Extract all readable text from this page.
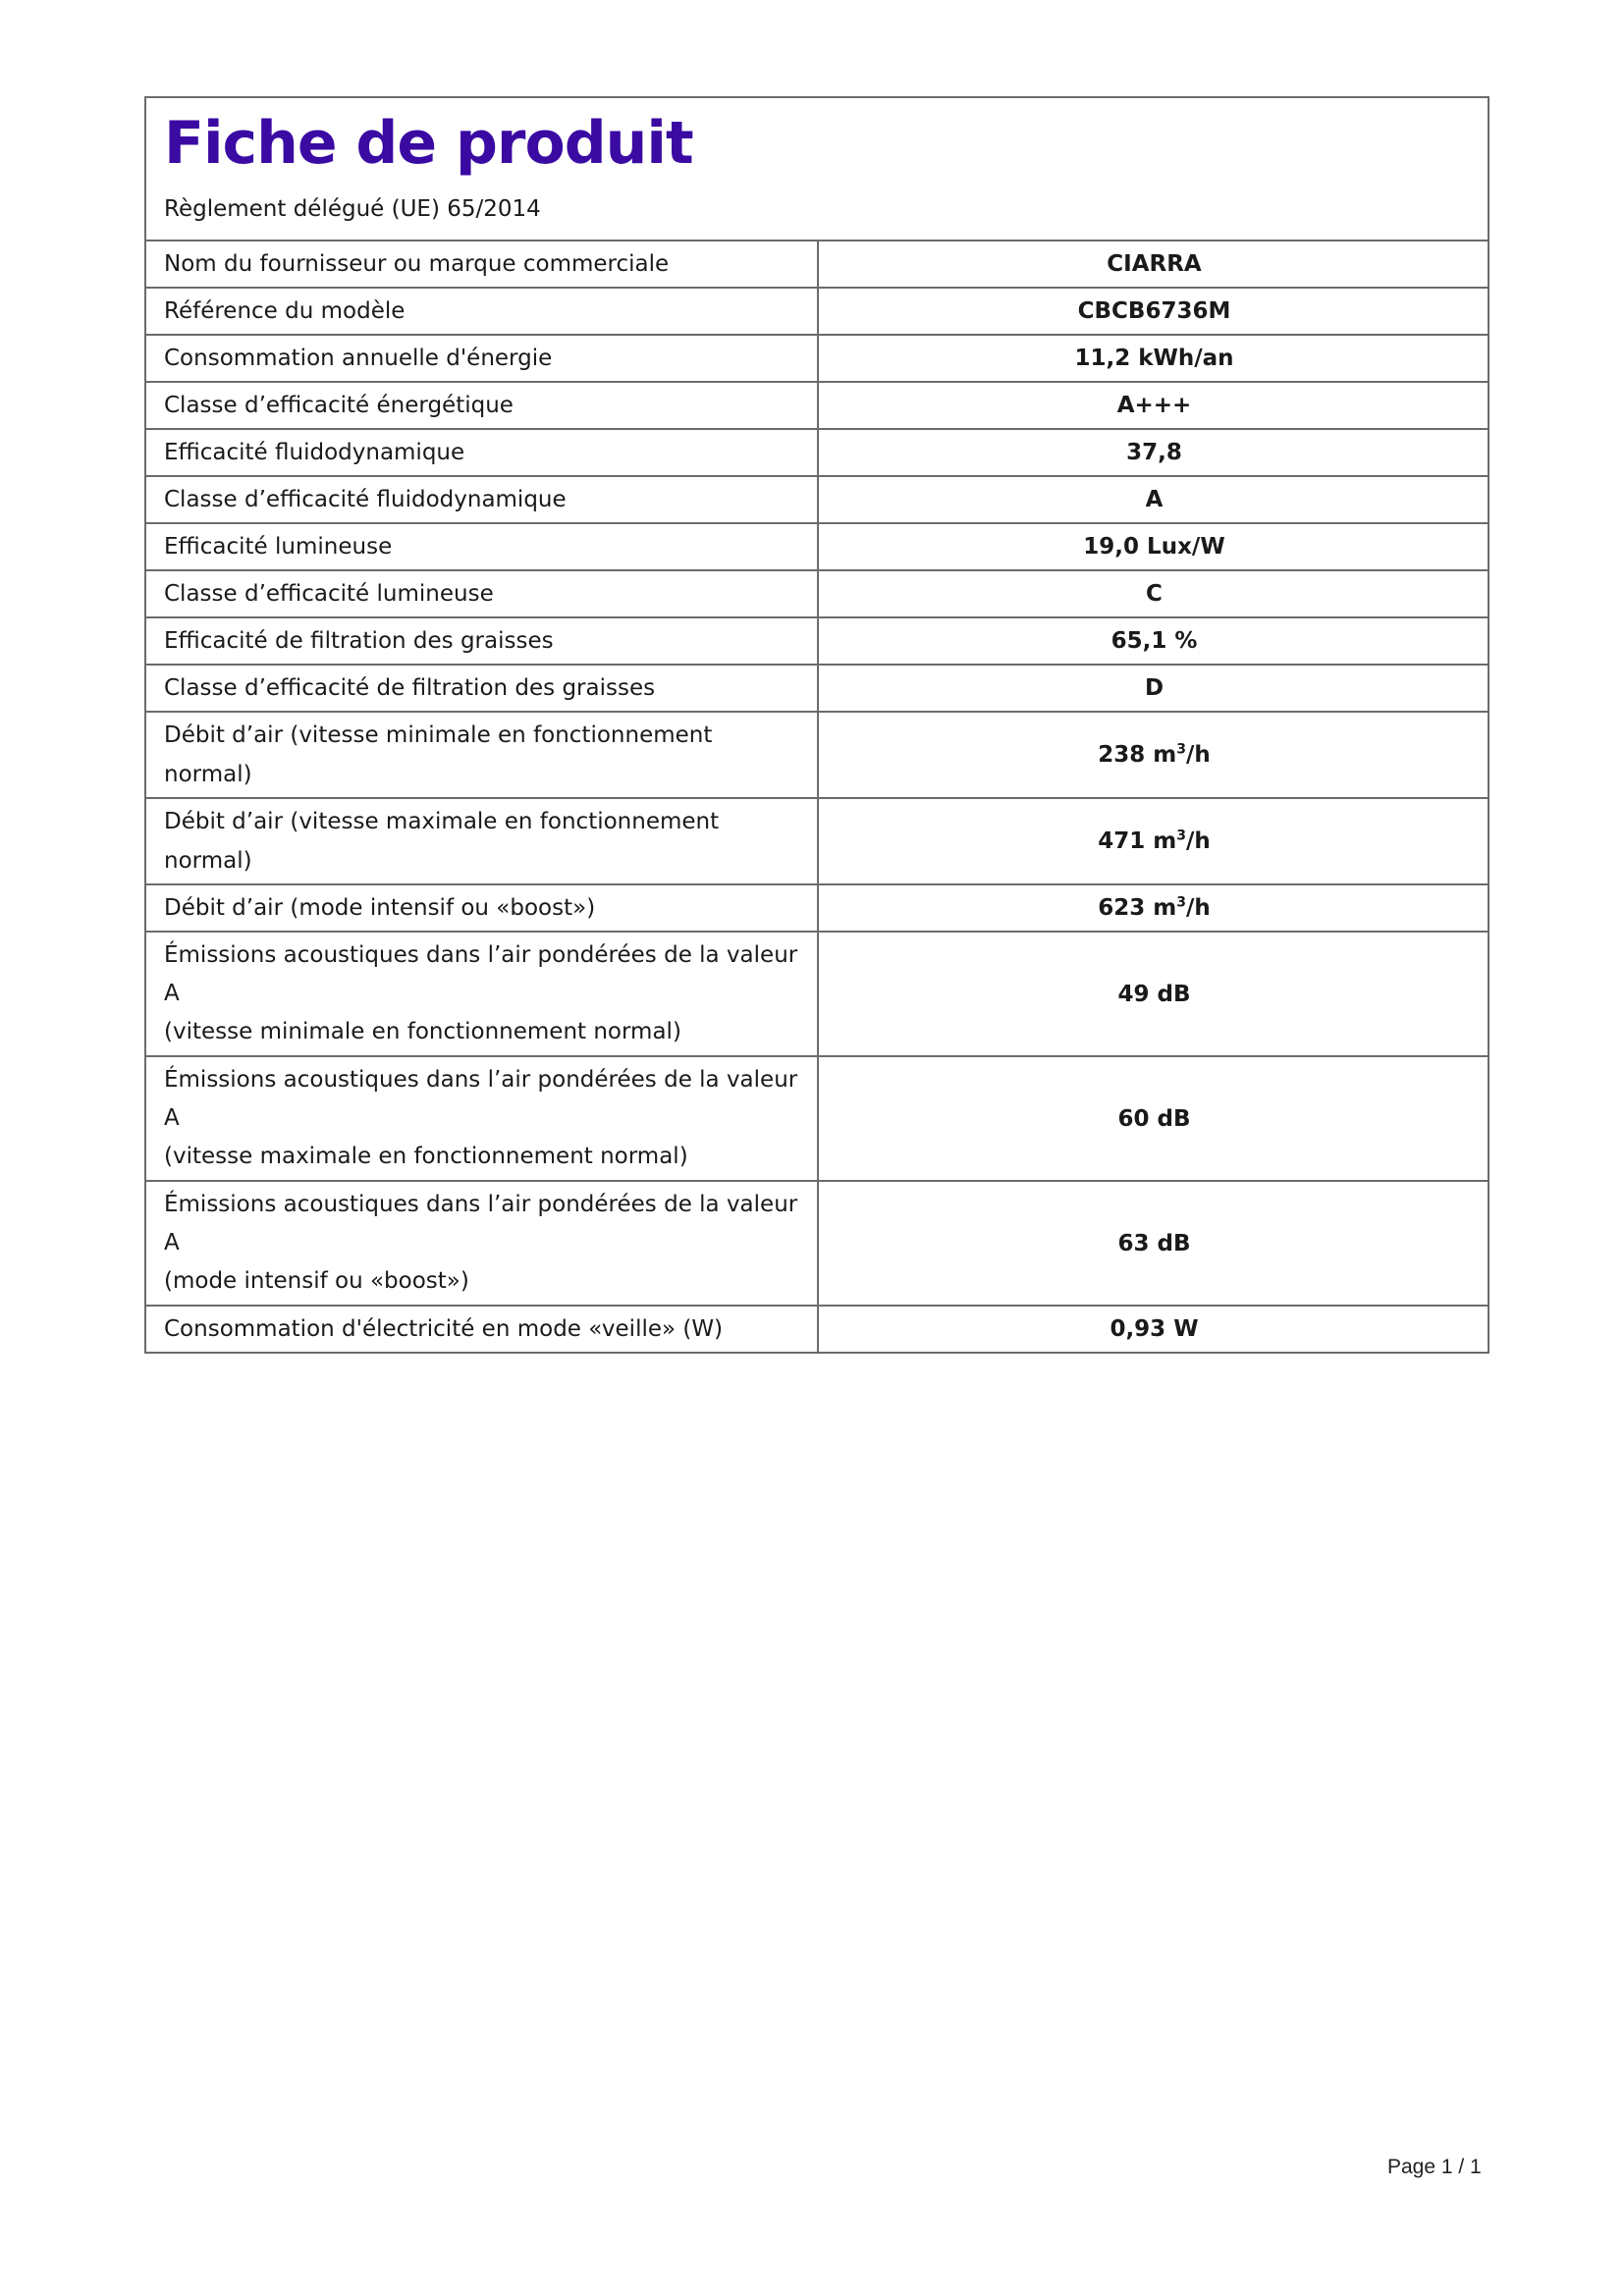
Fiche de produit
Règlement délégué (UE) 65/2014
Nom du fournisseur ou marque commerciale	CIARRA
Référence du modèle	CBCB6736M
Consommation annuelle d'énergie	11,2 kWh/an
Classe d’efficacité énergétique	A+++
Efficacité fluidodynamique	37,8
Classe d’efficacité fluidodynamique	A
Efficacité lumineuse	19,0 Lux/W
Classe d’efficacité lumineuse	C
Efficacité de filtration des graisses	65,1 %
Classe d’efficacité de filtration des graisses	D
Débit d’air (vitesse minimale en fonctionnement normal)	238 $m^3/h$
Débit d’air (vitesse maximale en fonctionnement normal)	471 $m^3/h$
Débit d’air (mode intensif ou «boost»)	623 $m^3/h$

Émissions acoustiques dans l’air pondérées de la valeur A
(vitesse minimale en fonctionnement normal)	49 dB

Émissions acoustiques dans l’air pondérées de la valeur A
(vitesse maximale en fonctionnement normal)	60 dB

Émissions acoustiques dans l’air pondérées de la valeur A
(mode intensif ou «boost»)	63 dB
Consommation d'électricité en mode «veille» (W)	0,93 W
Page 1 / 1
